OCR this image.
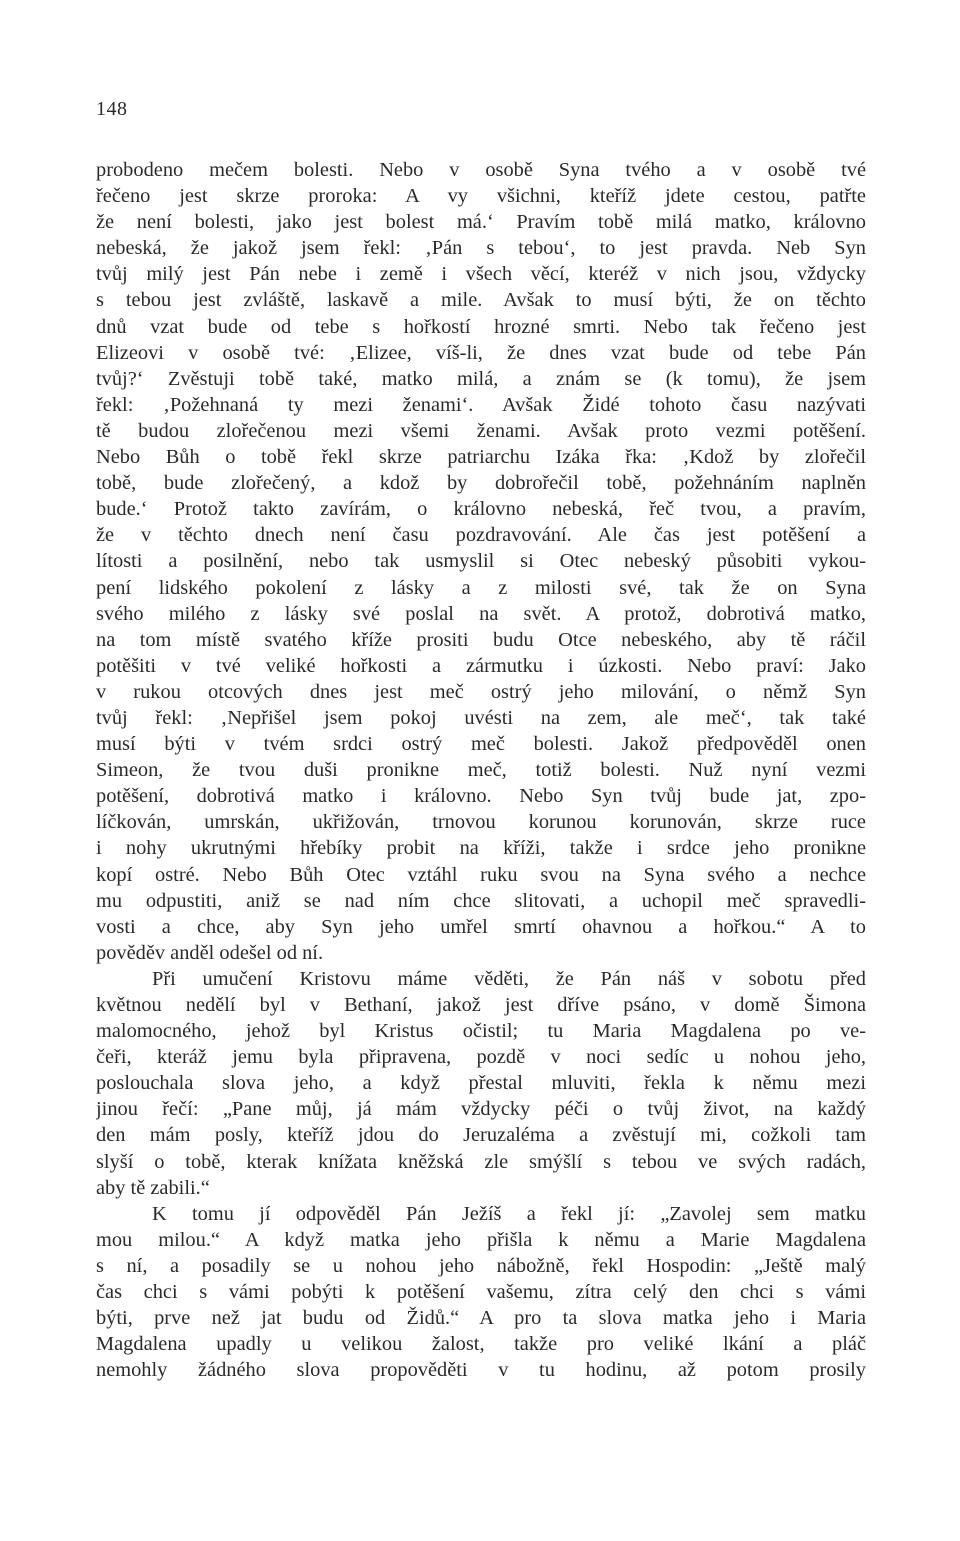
148
probodeno mečem bolesti. Nebo v osobě Syna tvého a v osobě tvé
řečeno jest skrze proroka: A vy všichni, kteříž jdete cestou, patřte
že není bolesti, jako jest bolest má.‘ Pravím tobě milá matko, královno
nebeská, že jakož jsem řekl: ‚Pán s tebou‘, to jest pravda. Neb Syn
tvůj milý jest Pán nebe i země i všech věcí, kteréž v nich jsou, vždycky
s tebou jest zvláště, laskavě a mile. Avšak to musí býti, že on těchto
dnů vzat bude od tebe s hořkostí hrozné smrti. Nebo tak řečeno jest
Elizeovi v osobě tvé: ‚Elizee, víš-li, že dnes vzat bude od tebe Pán
tvůj?‘ Zvěstuji tobě také, matko milá, a znám se (k tomu), že jsem
řekl: ‚Požehnaná ty mezi ženami‘. Avšak Židé tohoto času nazývati
tě budou zlořečenou mezi všemi ženami. Avšak proto vezmi potěšení.
Nebo Bůh o tobě řekl skrze patriarchu Izáka řka: ‚Kdož by zlořečil
tobě, bude zlořečený, a kdož by dobrořečil tobě, požehnáním naplněn
bude.‘ Protož takto zavírám, o královno nebeská, řeč tvou, a pravím,
že v těchto dnech není času pozdravování. Ale čas jest potěšení a
lítosti a posilnění, nebo tak usmyslil si Otec nebeský působiti vykou-
pení lidského pokolení z lásky a z milosti své, tak že on Syna
svého milého z lásky své poslal na svět. A protož, dobrotivá matko,
na tom místě svatého kříže prositi budu Otce nebeského, aby tě ráčil
potěšiti v tvé veliké hořkosti a zármutku i úzkosti. Nebo praví: Jako
v rukou otcových dnes jest meč ostrý jeho milování, o němž Syn
tvůj řekl: ‚Nepřišel jsem pokoj uvésti na zem, ale meč‘, tak také
musí býti v tvém srdci ostrý meč bolesti. Jakož předpověděl onen
Simeon, že tvou duši pronikne meč, totiž bolesti. Nuž nyní vezmi
potěšení, dobrotivá matko i královno. Nebo Syn tvůj bude jat, zpo-
líčkován, umrskán, ukřižován, trnovou korunou korunován, skrze ruce
i nohy ukrutnými hřebíky probit na kříži, takže i srdce jeho pronikne
kopí ostré. Nebo Bůh Otec vztáhl ruku svou na Syna svého a nechce
mu odpustiti, aniž se nad ním chce slitovati, a uchopil meč spravedli-
vosti a chce, aby Syn jeho umřel smrtí ohavnou a hořkou.“ A to
pověděv anděl odešel od ní.
Při umučení Kristovu máme věděti, že Pán náš v sobotu před
květnou nedělí byl v Bethaní, jakož jest dříve psáno, v domě Šimona
malomocného, jehož byl Kristus očistil; tu Maria Magdalena po ve-
čeři, kteráž jemu byla připravena, pozdě v noci sedíc u nohou jeho,
poslouchala slova jeho, a když přestal mluviti, řekla k němu mezi
jinou řečí: „Pane můj, já mám vždycky péči o tvůj život, na každý
den mám posly, kteříž jdou do Jeruzaléma a zvěstují mi, cožkoli tam
slyší o tobě, kterak knížata kněžská zle smýšlí s tebou ve svých radách,
aby tě zabili.“
K tomu jí odpověděl Pán Ježíš a řekl jí: „Zavolej sem matku
mou milou.“ A když matka jeho přišla k němu a Marie Magdalena
s ní, a posadily se u nohou jeho nábožně, řekl Hospodin: „Ještě malý
čas chci s vámi pobýti k potěšení vašemu, zítra celý den chci s vámi
býti, prve než jat budu od Židů.“ A pro ta slova matka jeho i Maria
Magdalena upadly u velikou žalost, takže pro veliké lkání a pláč
nemohly žádného slova propověděti v tu hodinu, až potom prosily
